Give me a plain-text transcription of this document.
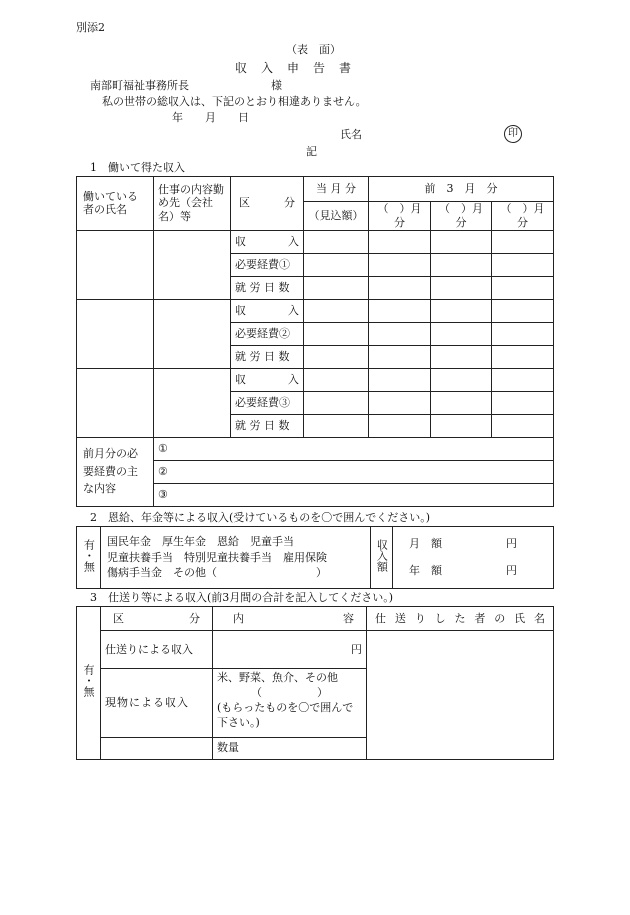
別添2
（表　面）
収　入　申　告　書
南部町福祉事務所長	様
私の世帯の総収入は、下記のとおり相違ありません。
年　　月　　日
氏名	印
記
1　働いて得た収入
働いている者の氏名	仕事の内容勤め先（会社名）等	区　　分	当 月 分	前　3　月　分		
			（見込額）	（　）月分	（　）月分	（　）月分
		収　　入				
		必要経費①				
		就 労 日 数				
		収　　入				
		必要経費②				
		就 労 日 数				
		収　　入				
		必要経費③				
		就 労 日 数				
前月分の必要経費の主な内容	①					
	②					
	③					
2　恩給、年金等による収入(受けているものを〇で囲んでください。)
有・無	国民年金　厚生年金　恩給　児童手当
児童扶養手当　特別児童扶養手当　雇用保険
傷病手当金　その他（　　　　　　　　　）
	収入額	月　額	円
年　額	円
3　仕送り等による収入(前3月間の合計を記入してください。)
有・無	区　　分	内　　　　　容	仕送りした者の氏名
	仕送りによる収入	円	
	現物による収入	米、野菜、魚介、その他
（　　　　　）
(もらったものを〇で囲んで下さい。)	

		数量	
